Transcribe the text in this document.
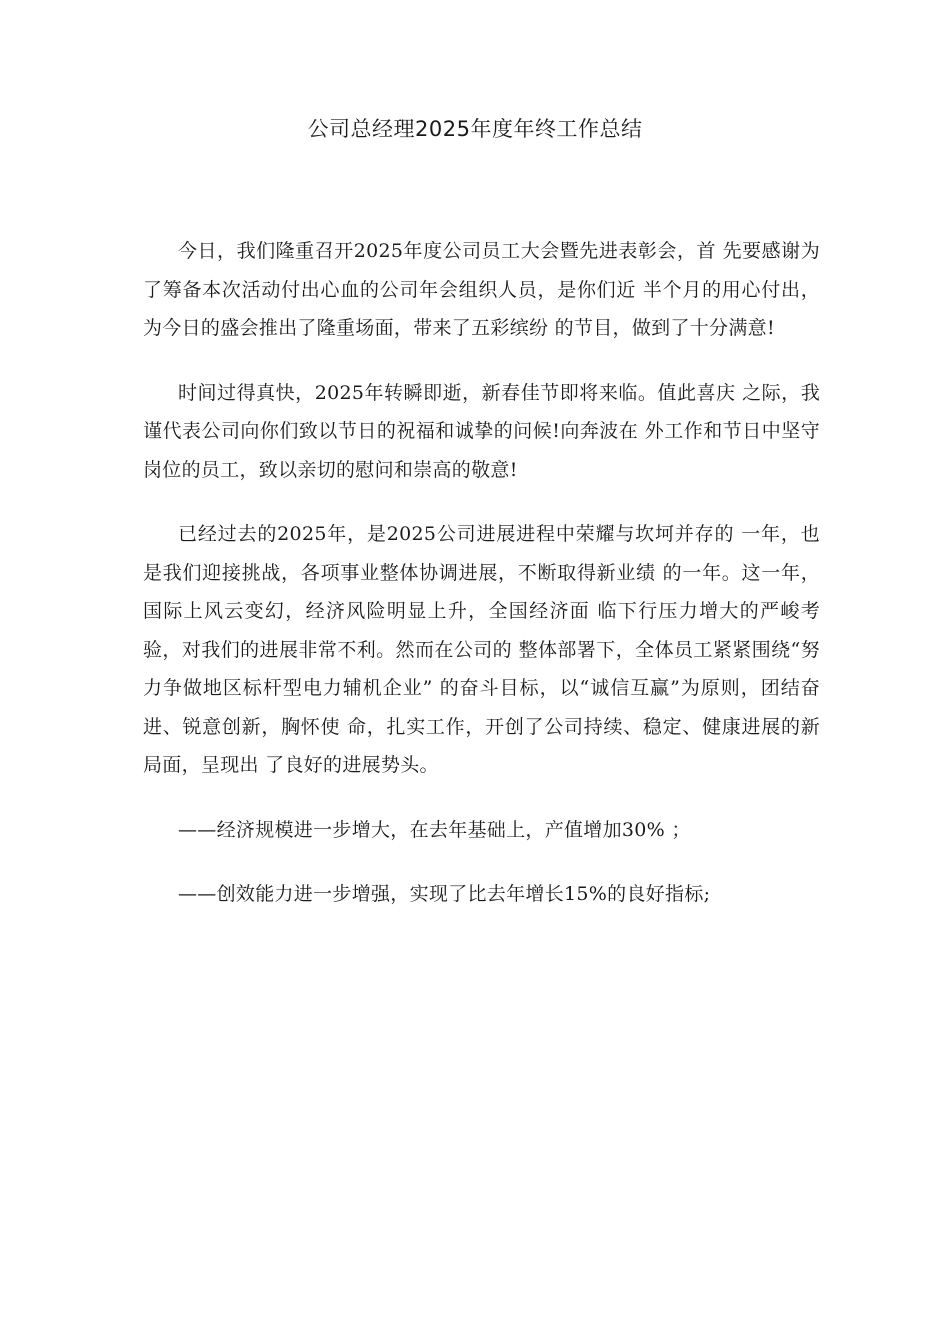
公司总经理2025年度年终工作总结

今日，我们隆重召开2025年度公司员工大会暨先进表彰会，首 先要感谢为了筹备本次活动付出心血的公司年会组织人员，是你们近 半个月的用心付出，为今日的盛会推出了隆重场面，带来了五彩缤纷 的节目，做到了十分满意!

时间过得真快，2025年转瞬即逝，新春佳节即将来临。值此喜庆 之际，我谨代表公司向你们致以节日的祝福和诚挚的问候!向奔波在 外工作和节日中坚守岗位的员工，致以亲切的慰问和崇高的敬意!

已经过去的2025年，是2025公司进展进程中荣耀与坎坷并存的 一年，也是我们迎接挑战，各项事业整体协调进展，不断取得新业绩 的一年。这一年，国际上风云变幻，经济风险明显上升，全国经济面 临下行压力增大的严峻考验，对我们的进展非常不利。然而在公司的 整体部署下，全体员工紧紧围绕“努力争做地区标杆型电力辅机企业” 的奋斗目标，以“诚信互赢”为原则，团结奋进、锐意创新，胸怀使 命，扎实工作，开创了公司持续、稳定、健康进展的新局面，呈现出 了良好的进展势头。

——经济规模进一步增大，在去年基础上，产值增加30% ；

——创效能力进一步增强，实现了比去年增长15%的良好指标;
